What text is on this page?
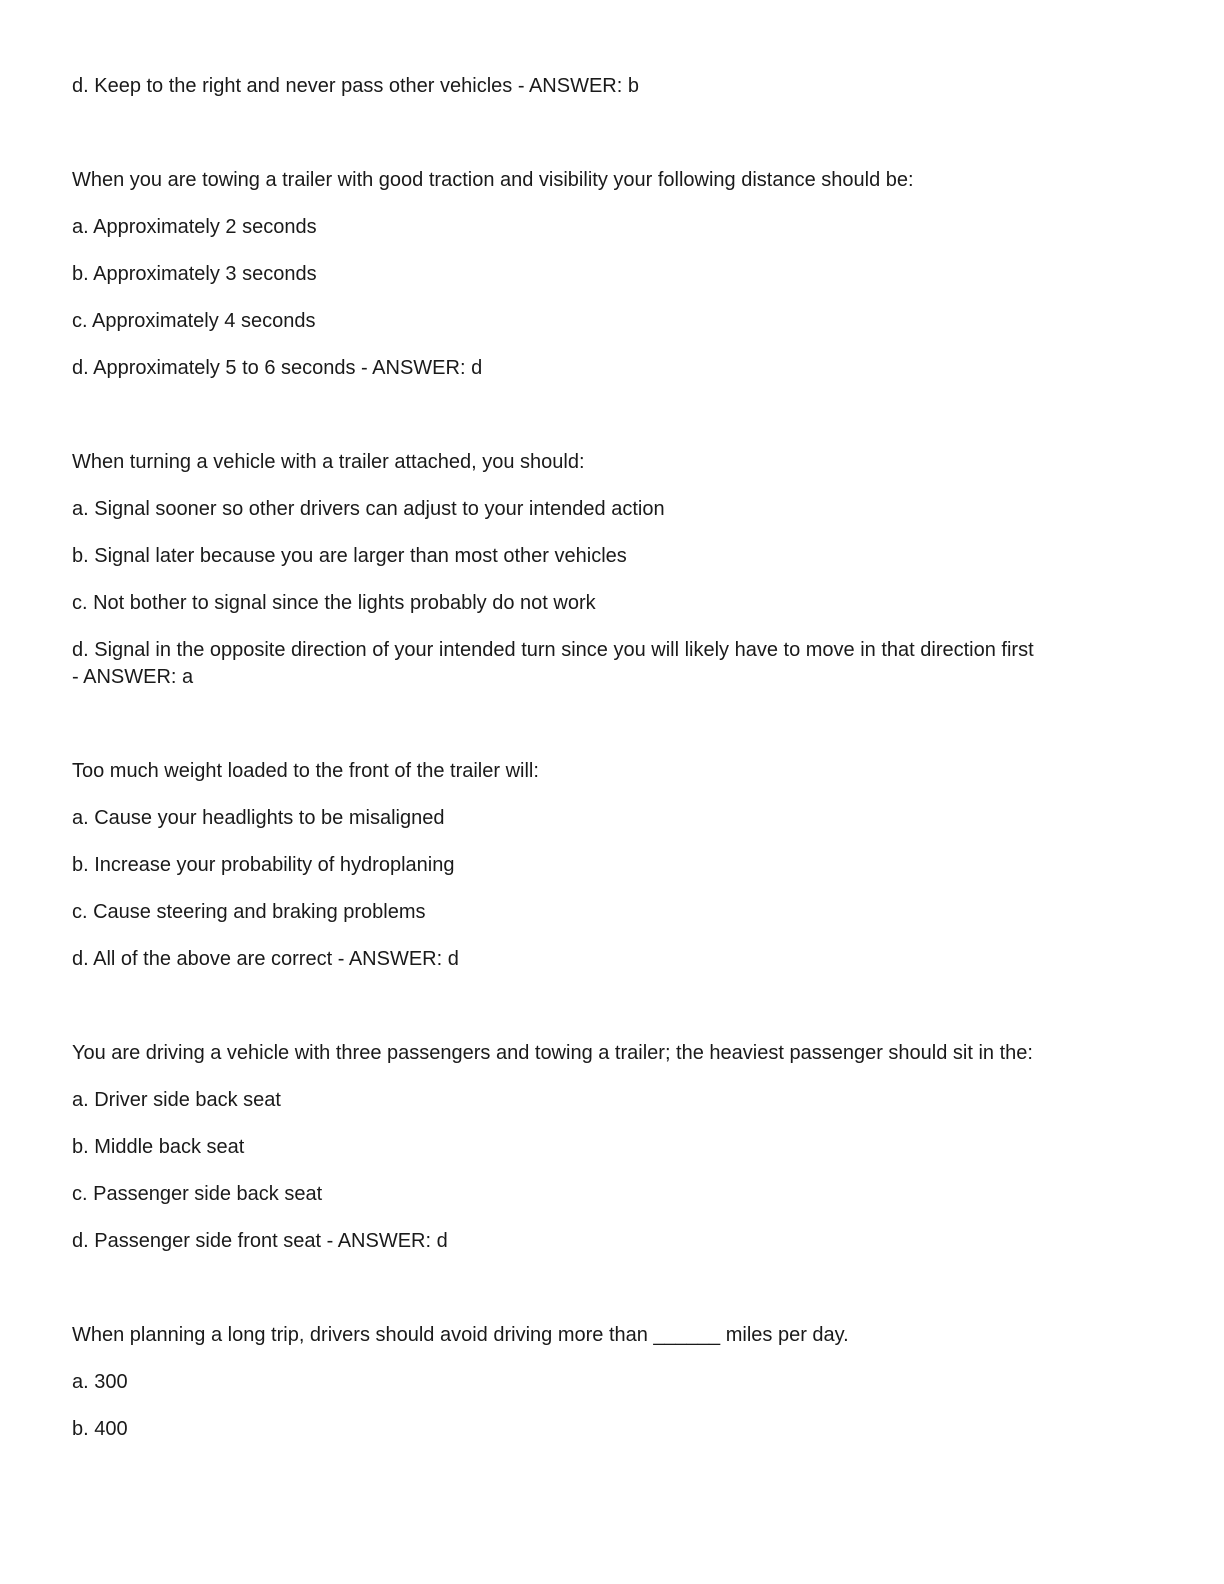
d. Keep to the right and never pass other vehicles - ANSWER: b
When you are towing a trailer with good traction and visibility your following distance should be:
a. Approximately 2 seconds
b. Approximately 3 seconds
c. Approximately 4 seconds
d. Approximately 5 to 6 seconds - ANSWER: d
When turning a vehicle with a trailer attached, you should:
a. Signal sooner so other drivers can adjust to your intended action
b. Signal later because you are larger than most other vehicles
c. Not bother to signal since the lights probably do not work
d. Signal in the opposite direction of your intended turn since you will likely have to move in that direction first
- ANSWER: a
Too much weight loaded to the front of the trailer will:
a. Cause your headlights to be misaligned
b. Increase your probability of hydroplaning
c. Cause steering and braking problems
d. All of the above are correct - ANSWER: d
You are driving a vehicle with three passengers and towing a trailer; the heaviest passenger should sit in the:
a. Driver side back seat
b. Middle back seat
c. Passenger side back seat
d. Passenger side front seat - ANSWER: d
When planning a long trip, drivers should avoid driving more than ______ miles per day.
a. 300
b. 400
